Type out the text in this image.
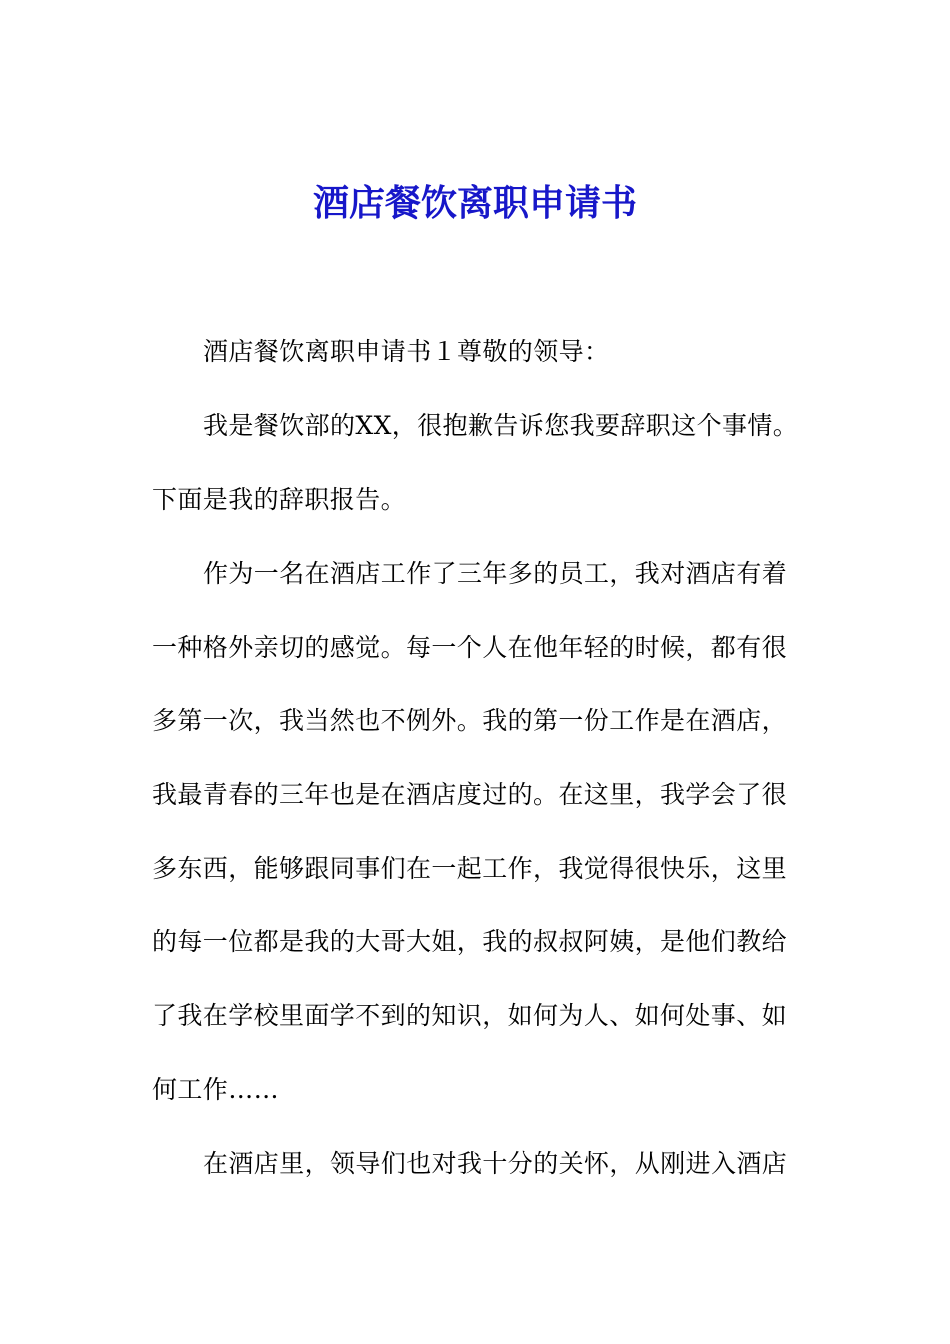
酒店餐饮离职申请书
酒店餐饮离职申请书１尊敬的领导：
我是餐饮部的XX，很抱歉告诉您我要辞职这个事情。
下面是我的辞职报告。
作为一名在酒店工作了三年多的员工，我对酒店有着
一种格外亲切的感觉。每一个人在他年轻的时候，都有很
多第一次，我当然也不例外。我的第一份工作是在酒店，
我最青春的三年也是在酒店度过的。在这里，我学会了很
多东西，能够跟同事们在一起工作，我觉得很快乐，这里
的每一位都是我的大哥大姐，我的叔叔阿姨，是他们教给
了我在学校里面学不到的知识，如何为人、如何处事、如
何工作……
在酒店里，领导们也对我十分的关怀，从刚进入酒店
